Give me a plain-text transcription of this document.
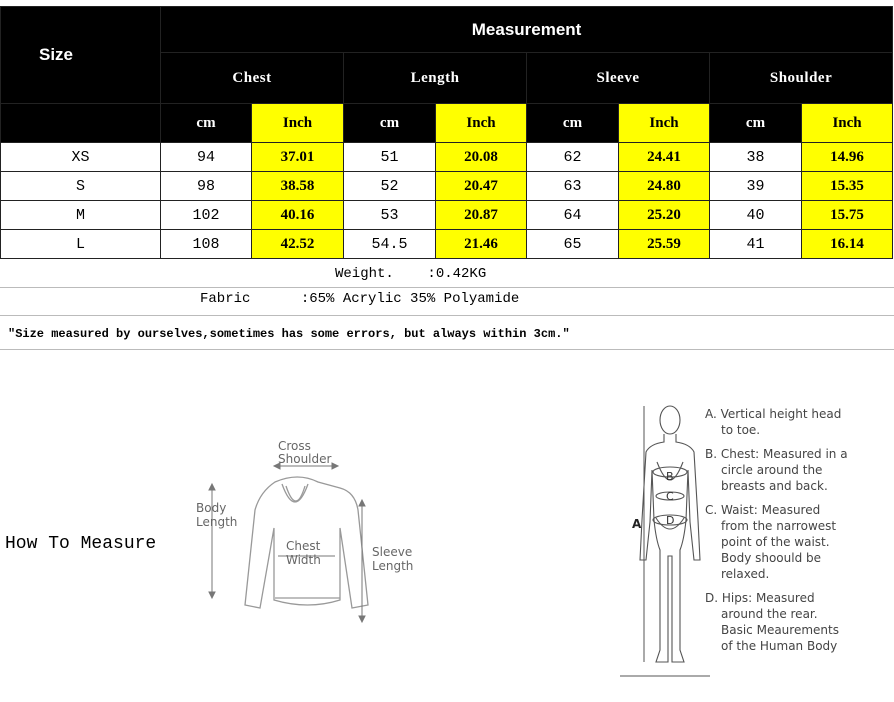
Size	Measurement							
	Chest		Length		Sleeve		Shoulder	
	cm	Inch	cm	Inch	cm	Inch	cm	Inch
XS	94	37.01	51	20.08	62	24.41	38	14.96
S	98	38.58	52	20.47	63	24.80	39	15.35
M	102	40.16	53	20.87	64	25.20	40	15.75
L	108	42.52	54.5	21.46	65	25.59	41	16.14
Weight. :0.42KG
Fabric	:65% Acrylic 35% Polyamide
"Size measured by ourselves,sometimes has some errors, but always within 3cm."
How To Measure
Cross
Shoulder
Body
Length
Chest
Width
Sleeve
Length
A
B
C
D
A. Vertical height head

to toe.
B. Chest: Measured in a

circle around the
breasts and back.
C. Waist: Measured

from the narrowest
point of the waist.
Body shoould be
relaxed.
D. Hips: Measured

around the rear.
Basic Meaurements
of the Human Body
